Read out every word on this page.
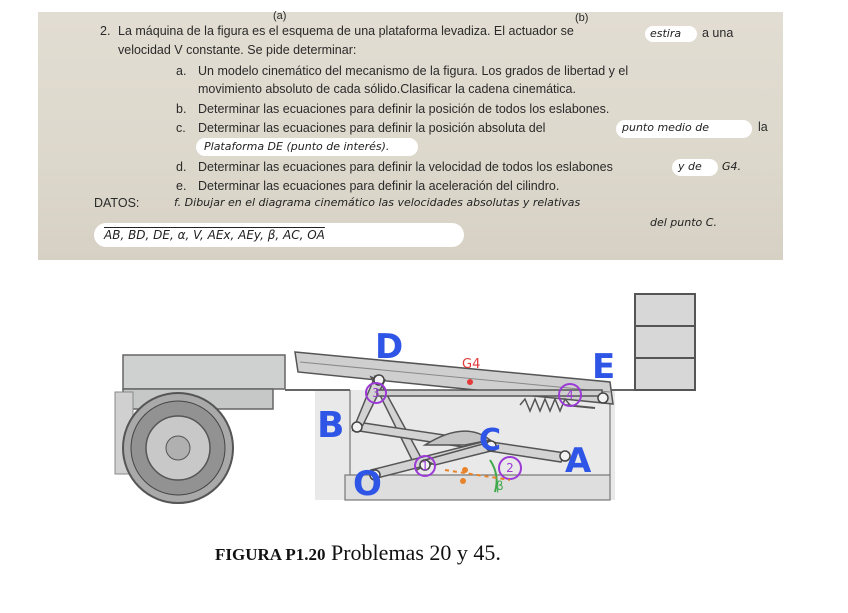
(a)	(b)
2. La máquina de la figura es el esquema de una plataforma levadiza. El actuador se	estira a una
velocidad V constante. Se pide determinar:
a. Un modelo cinemático del mecanismo de la figura. Los grados de libertad y el
movimiento absoluto de cada sólido.Clasificar la cadena cinemática.
b. Determinar las ecuaciones para definir la posición de todos los eslabones.
c. Determinar las ecuaciones para definir la posición absoluta del	punto medio de	la
Plataforma DE (punto de interés).
d. Determinar las ecuaciones para definir la velocidad de todos los eslabones	y de G4.
e. Determinar las ecuaciones para definir la aceleración del cilindro.
DATOS:	f. Dibujar en el diagrama cinemático las velocidades absolutas y relativas
del punto C.
AB, BD, DE, α, V, AEx, AEy, β, AC, OA
D	E
B	C
O
A
3	4
1	2
G4
β
FIGURA P1.20 Problemas 20 y 45.
